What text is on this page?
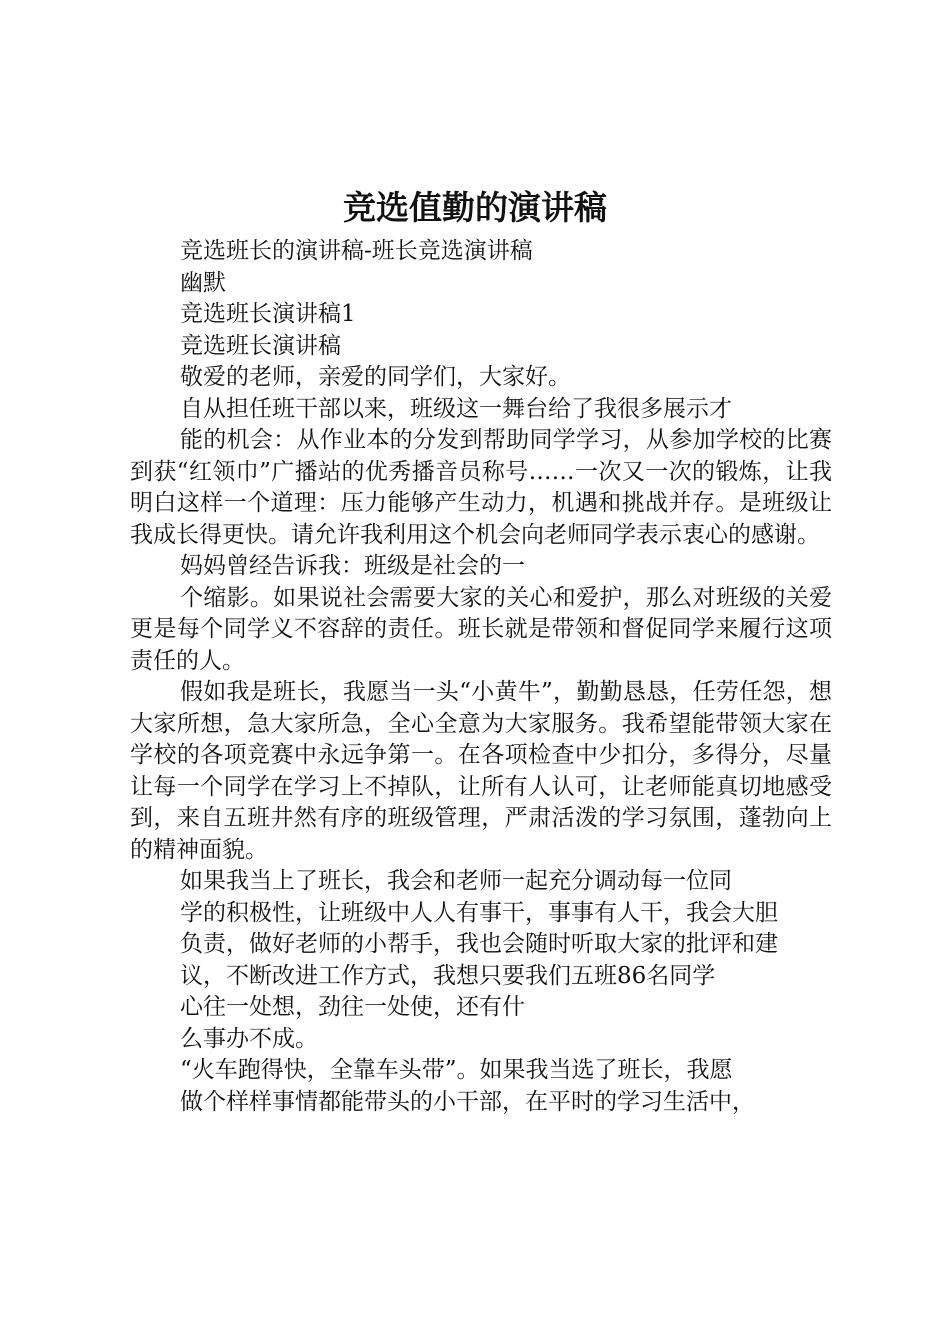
竞选值勤的演讲稿

竞选班长的演讲稿-班长竞选演讲稿

幽默

竞选班长演讲稿1

竞选班长演讲稿

敬爱的老师，亲爱的同学们，大家好。

自从担任班干部以来，班级这一舞台给了我很多展示才

能的机会：从作业本的分发到帮助同学学习，从参加学校的比赛到获“红领巾”广播站的优秀播音员称号……一次又一次的锻炼，让我明白这样一个道理：压力能够产生动力，机遇和挑战并存。是班级让我成长得更快。请允许我利用这个机会向老师同学表示衷心的感谢。

妈妈曾经告诉我：班级是社会的一

个缩影。如果说社会需要大家的关心和爱护，那么对班级的关爱更是每个同学义不容辞的责任。班长就是带领和督促同学来履行这项责任的人。

假如我是班长，我愿当一头“小黄牛”，勤勤恳恳，任劳任怨，想大家所想，急大家所急，全心全意为大家服务。我希望能带领大家在学校的各项竞赛中永远争第一。在各项检查中少扣分，多得分，尽量让每一个同学在学习上不掉队，让所有人认可，让老师能真切地感受到，来自五班井然有序的班级管理，严肃活泼的学习氛围，蓬勃向上的精神面貌。

如果我当上了班长，我会和老师一起充分调动每一位同

学的积极性，让班级中人人有事干，事事有人干，我会大胆

负责，做好老师的小帮手，我也会随时听取大家的批评和建

议，不断改进工作方式，我想只要我们五班86名同学

心往一处想，劲往一处使，还有什

么事办不成。

“火车跑得快，全靠车头带”。如果我当选了班长，我愿

做个样样事情都能带头的小干部，在平时的学习生活中，
